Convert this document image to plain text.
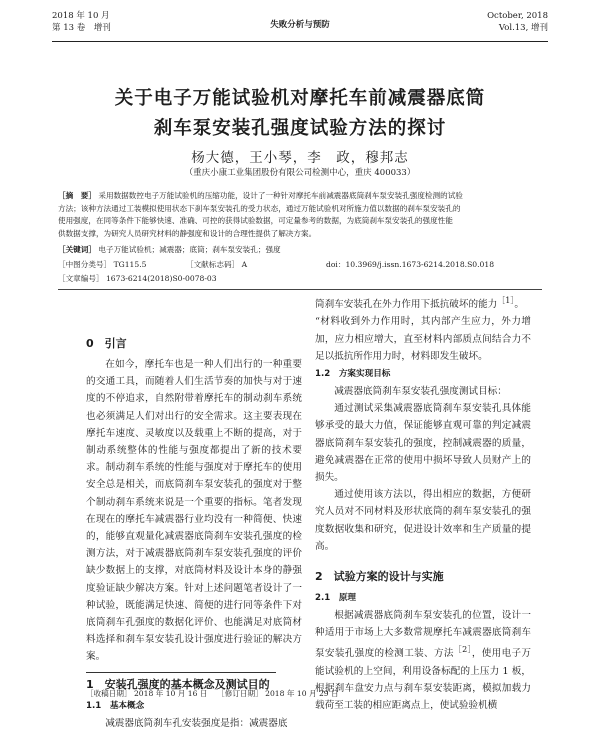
2018 年 10 月
第 13 卷　增刊	失败分析与预防
October, 2018
Vol.13, 增刊
关于电子万能试验机对摩托车前减震器底筒
刹车泵安装孔强度试验方法的探讨
杨大德，王小琴，李　政，穆邦志
（重庆小康工业集团股份有限公司检测中心，重庆 400033）

［摘　要］ 采用数据数控电子万能试验机的压缩功能，设计了一种针对摩托车前减震器底筒刹车泵安装孔强度检测的试验

方法；该种方法通过工装模拟使用状态下刹车泵安装孔的受力状态，通过万能试验机对所施力值以数据的刹车泵安装孔的

使用强度，在同等条件下能够快速、准确、可控的获得试验数据，可定量参考的数据，为底筒刹车泵安装孔的强度性能

供数据支撑，为研究人员研究材料的静强度和设计的合理性提供了解决方案。

［关键词］ 电子万能试验机；减震器；底筒；刹车泵安装孔；强度
［中图分类号］ TG115.5	［文献标志码］ A	doi：10.3969/j.issn.1673-6214.2018.S0.018
［文章编号］ 1673-6214(2018)S0-0078-03
0　引言

在如今，摩托车也是一种人们出行的一种重要的交通工具，而随着人们生活节奏的加快与对于速度的不停追求，自然附带着摩托车的制动刹车系统也必须满足人们对出行的安全需求。这主要表现在摩托车速度、灵敏度以及载重上不断的提高，对于制动系统整体的性能与强度都提出了新的技术要求。制动刹车系统的性能与强度对于摩托车的使用安全总是相关，而底筒刹车泵安装孔的强度对于整个制动刹车系统来说是一个重要的指标。笔者发现在现在的摩托车减震器行业均没有一种简便、快速的，能够直观量化减震器底筒刹车安装孔强度的检测方法，对于减震器底筒刹车泵安装孔强度的评价缺少数据上的支撑，对底筒材料及设计本身的静强度验证缺少解决方案。针对上述问题笔者设计了一种试验，既能满足快速、简便的进行同等条件下对底筒刹车孔强度的数据化评价、也能满足对底筒材料选择和刹车泵安装孔设计强度进行验证的解决方案。

1　安装孔强度的基本概念及测试目的
1.1　基本概念

减震器底筒刹车孔安装强度是指：减震器底

筒刹车安装孔在外力作用下抵抗破坏的能力$^{[1]}$。

“材料收到外力作用时，其内部产生应力，外力增加，应力相应增大，直至材料内部质点间结合力不足以抵抗所作用力时，材料即发生破坏。

1.2　方案实现目标

减震器底筒刹车泵安装孔强度测试目标：

通过测试采集减震器底筒刹车泵安装孔具体能够承受的最大力值，保证能够直观可靠的判定减震器底筒刹车泵安装孔的强度，控制减震器的质量，避免减震器在正常的使用中损坏导致人员财产上的损失。

通过使用该方法以，得出相应的数据，方便研究人员对不同材料及形状底筒的刹车泵安装孔的强度数据收集和研究，促进设计效率和生产质量的提高。

2　试验方案的设计与实施
2.1　原理

根据减震器底筒刹车泵安装孔的位置，设计一种适用于市场上大多数常规摩托车减震器底筒刹车泵安装孔强度的检测工装、方法$^{[2]}$，使用电子万能试验机的上空间，利用设备标配的上压力 1 板，根据刹车盘安力点与刹车泵安装距离，模拟加载力载荷至工装的相应距离点上，使试验验机横

［收稿日期］ 2018 年 10 月 16 日 ［修订日期］ 2018 年 10 月 29 日
